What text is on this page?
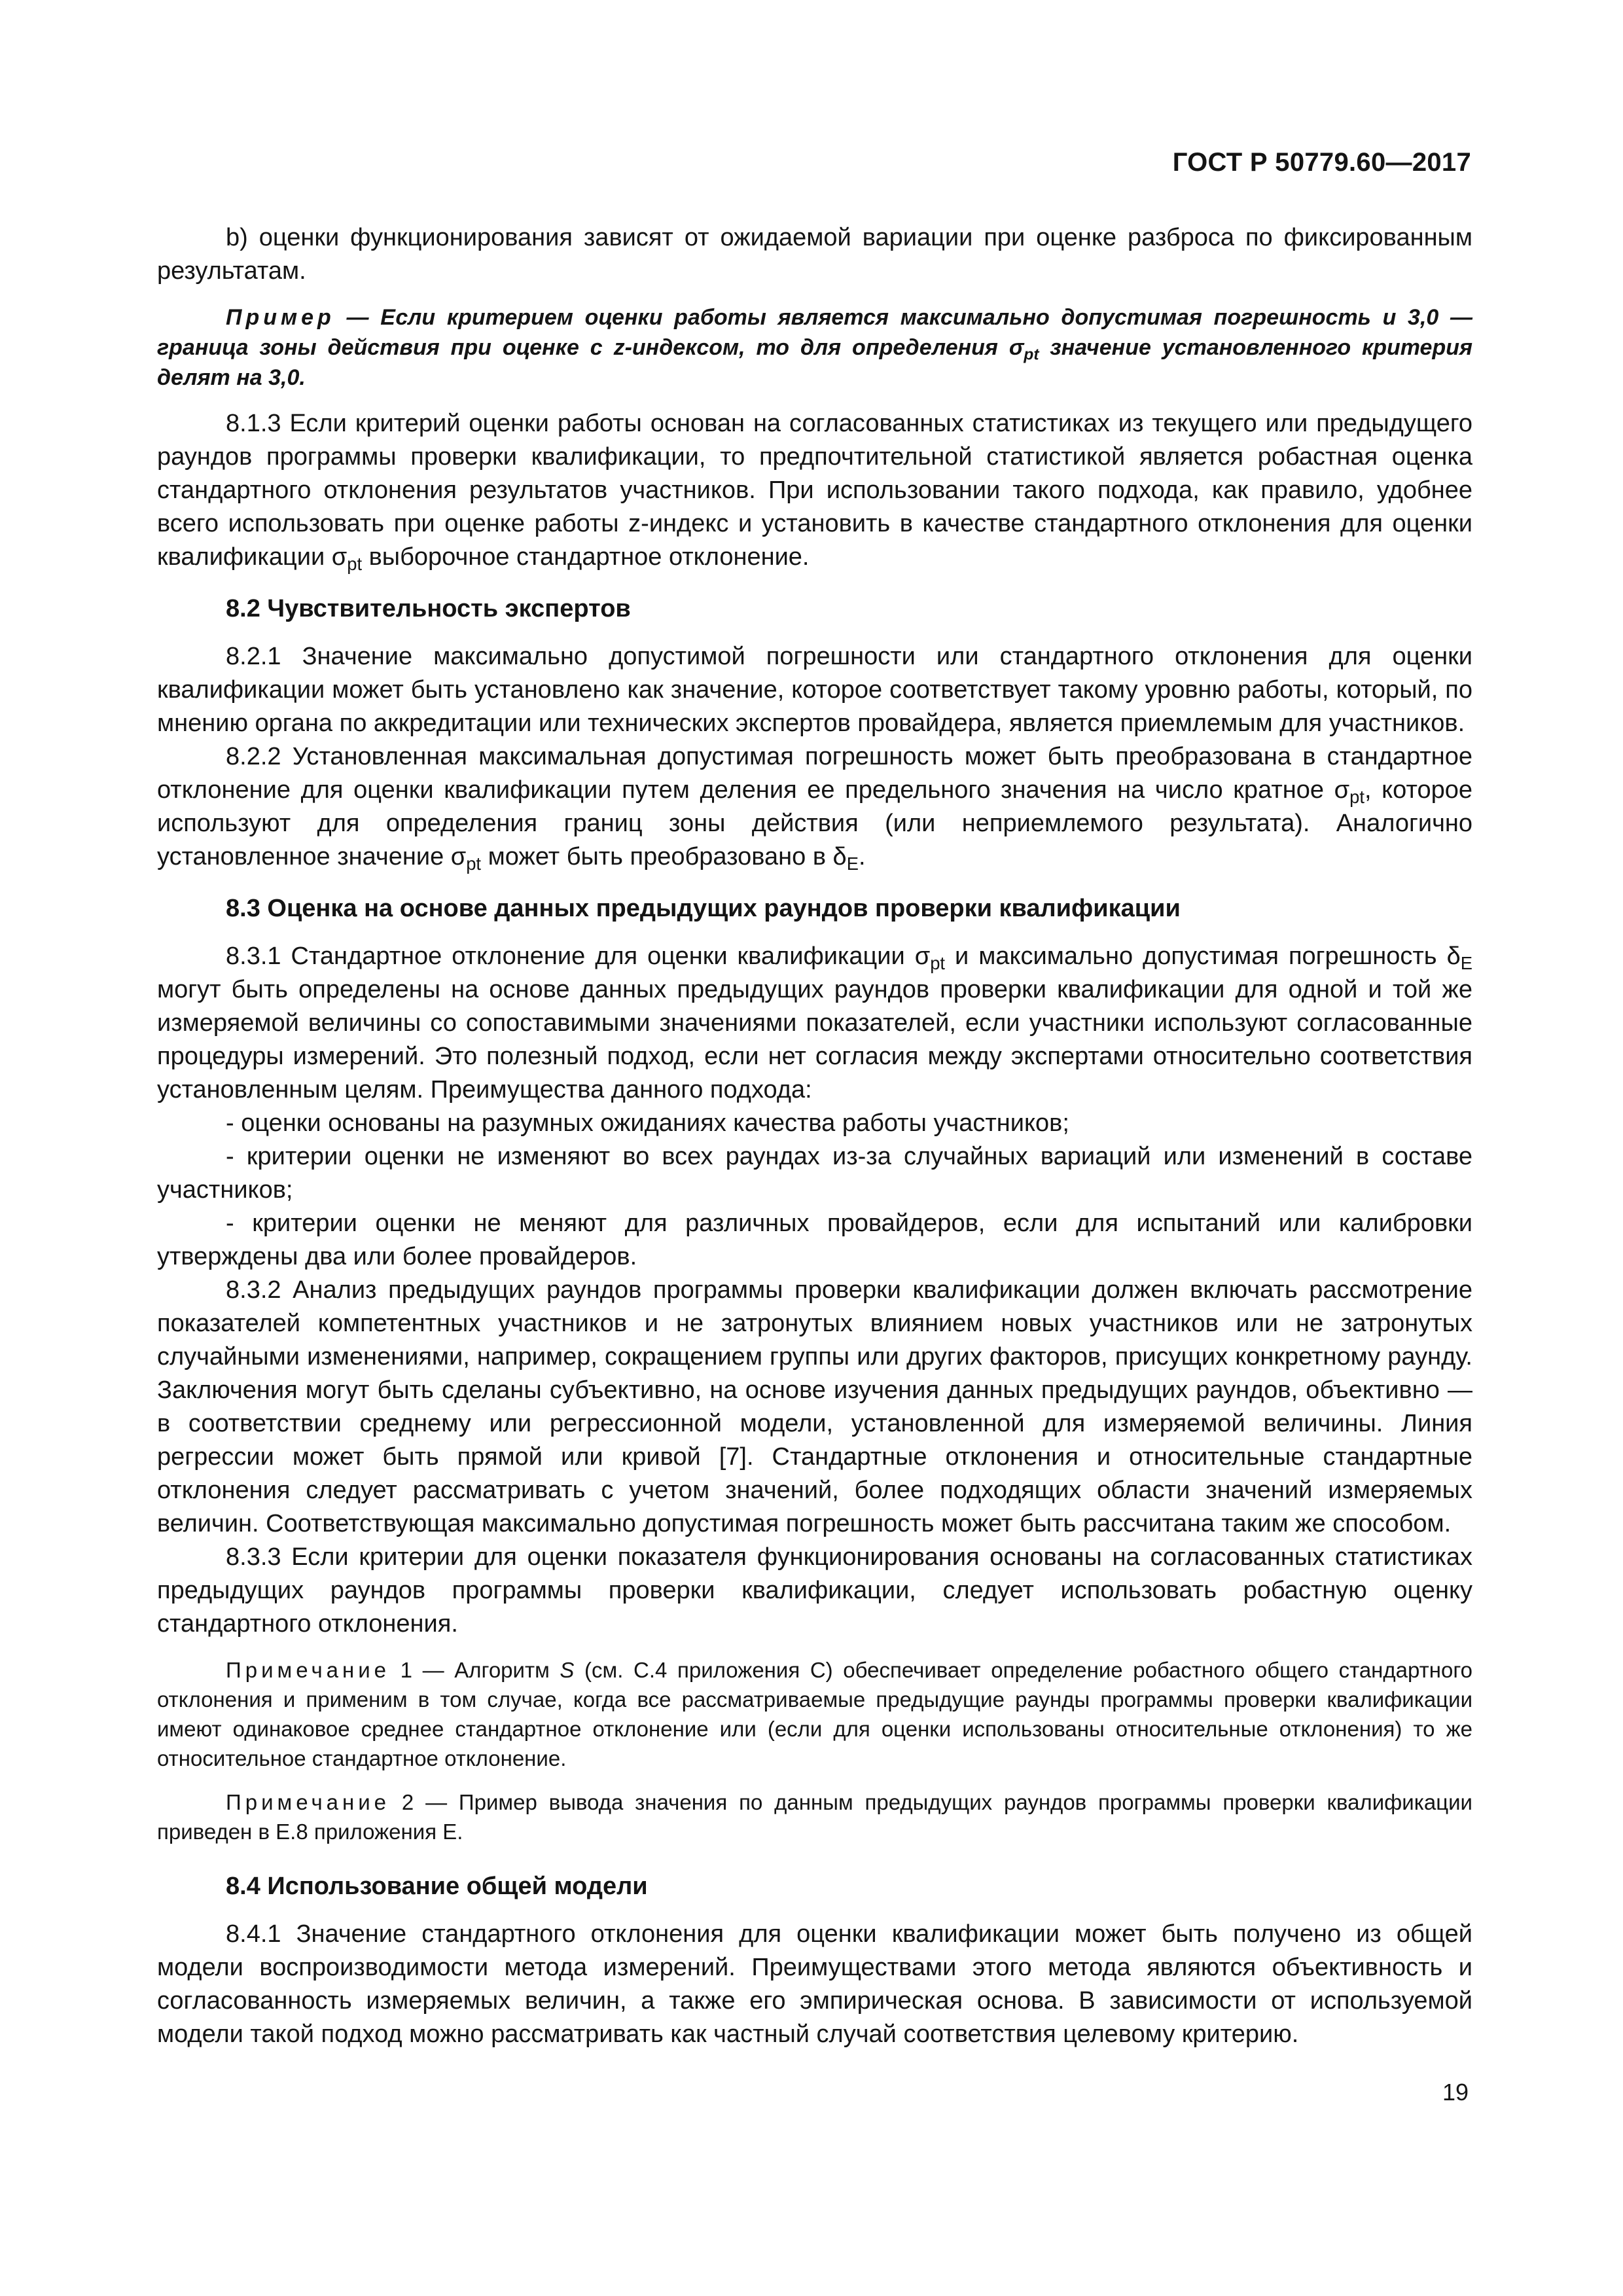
ГОСТ Р 50779.60—2017

b) оценки функционирования зависят от ожидаемой вариации при оценке разброса по фиксированным результатам.

Пример — Если критерием оценки работы является максимально допустимая погрешность и 3,0 — граница зоны действия при оценке с z-индексом, то для определения $\sigma_{pt}$ значение установленного критерия делят на 3,0.

8.1.3 Если критерий оценки работы основан на согласованных статистиках из текущего или предыдущего раундов программы проверки квалификации, то предпочтительной статистикой является робастная оценка стандартного отклонения результатов участников. При использовании такого подхода, как правило, удобнее всего использовать при оценке работы z-индекс и установить в качестве стандартного отклонения для оценки квалификации $\sigma_{pt}$ выборочное стандартное отклонение.

8.2 Чувствительность экспертов

8.2.1 Значение максимально допустимой погрешности или стандартного отклонения для оценки квалификации может быть установлено как значение, которое соответствует такому уровню работы, который, по мнению органа по аккредитации или технических экспертов провайдера, является приемлемым для участников.

8.2.2 Установленная максимальная допустимая погрешность может быть преобразована в стандартное отклонение для оценки квалификации путем деления ее предельного значения на число кратное $\sigma_{pt}$, которое используют для определения границ зоны действия (или неприемлемого результата). Аналогично установленное значение $\sigma_{pt}$ может быть преобразовано в $\delta_E$.

8.3 Оценка на основе данных предыдущих раундов проверки квалификации

8.3.1 Стандартное отклонение для оценки квалификации $\sigma_{pt}$ и максимально допустимая погрешность $\delta_E$ могут быть определены на основе данных предыдущих раундов проверки квалификации для одной и той же измеряемой величины со сопоставимыми значениями показателей, если участники используют согласованные процедуры измерений. Это полезный подход, если нет согласия между экспертами относительно соответствия установленным целям. Преимущества данного подхода:

- оценки основаны на разумных ожиданиях качества работы участников;

- критерии оценки не изменяют во всех раундах из-за случайных вариаций или изменений в составе участников;

- критерии оценки не меняют для различных провайдеров, если для испытаний или калибровки утверждены два или более провайдеров.

8.3.2 Анализ предыдущих раундов программы проверки квалификации должен включать рассмотрение показателей компетентных участников и не затронутых влиянием новых участников или не затронутых случайными изменениями, например, сокращением группы или других факторов, присущих конкретному раунду. Заключения могут быть сделаны субъективно, на основе изучения данных предыдущих раундов, объективно — в соответствии среднему или регрессионной модели, установленной для измеряемой величины. Линия регрессии может быть прямой или кривой [7]. Стандартные отклонения и относительные стандартные отклонения следует рассматривать с учетом значений, более подходящих области значений измеряемых величин. Соответствующая максимально допустимая погрешность может быть рассчитана таким же способом.

8.3.3 Если критерии для оценки показателя функционирования основаны на согласованных статистиках предыдущих раундов программы проверки квалификации, следует использовать робастную оценку стандартного отклонения.

Примечание 1 — Алгоритм S (см. С.4 приложения С) обеспечивает определение робастного общего стандартного отклонения и применим в том случае, когда все рассматриваемые предыдущие раунды программы проверки квалификации имеют одинаковое среднее стандартное отклонение или (если для оценки использованы относительные отклонения) то же относительное стандартное отклонение.

Примечание 2 — Пример вывода значения по данным предыдущих раундов программы проверки квалификации приведен в Е.8 приложения Е.

8.4 Использование общей модели

8.4.1 Значение стандартного отклонения для оценки квалификации может быть получено из общей модели воспроизводимости метода измерений. Преимуществами этого метода являются объективность и согласованность измеряемых величин, а также его эмпирическая основа. В зависимости от используемой модели такой подход можно рассматривать как частный случай соответствия целевому критерию.

19
